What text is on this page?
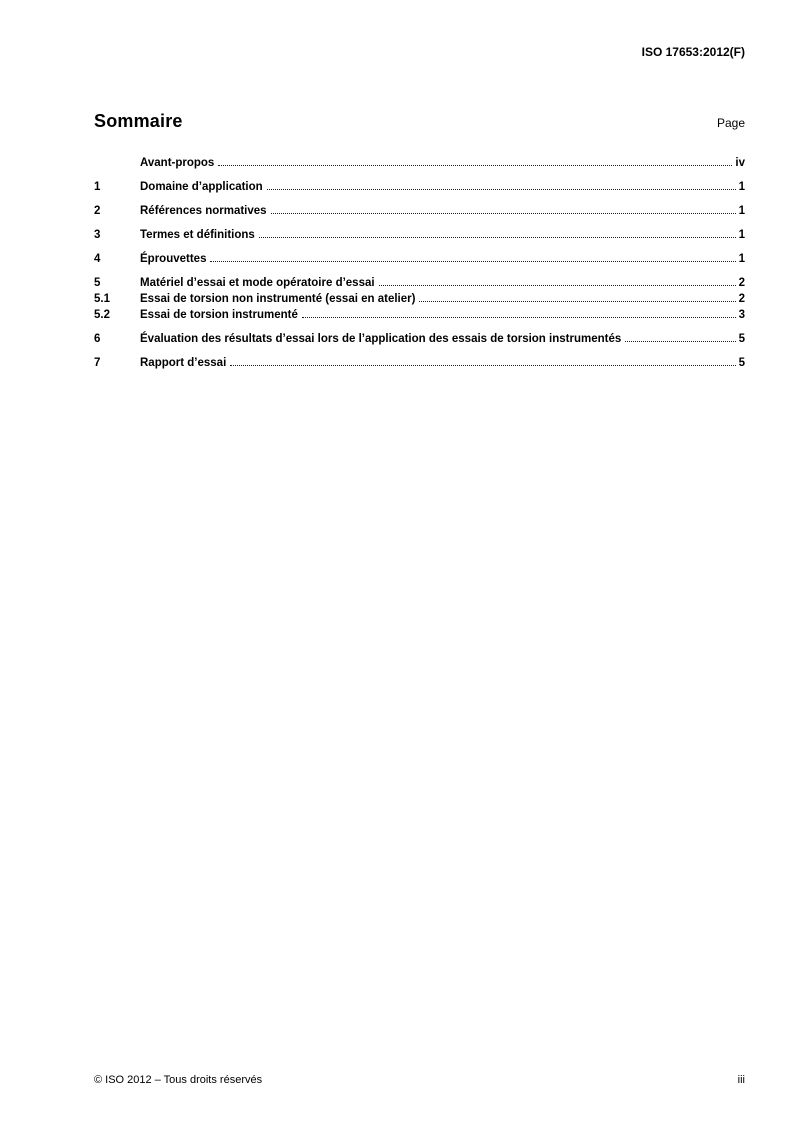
ISO 17653:2012(F)
Sommaire	Page
Avant-propos	iv
1	Domaine d’application	1
2	Références normatives	1
3	Termes et définitions	1
4	Éprouvettes	1
5	Matériel d’essai et mode opératoire d’essai	2
5.1	Essai de torsion non instrumenté (essai en atelier)	2
5.2	Essai de torsion instrumenté	3
6	Évaluation des résultats d’essai lors de l’application des essais de torsion instrumentés	5
7	Rapport d’essai	5
© ISO 2012 – Tous droits réservés	iii
